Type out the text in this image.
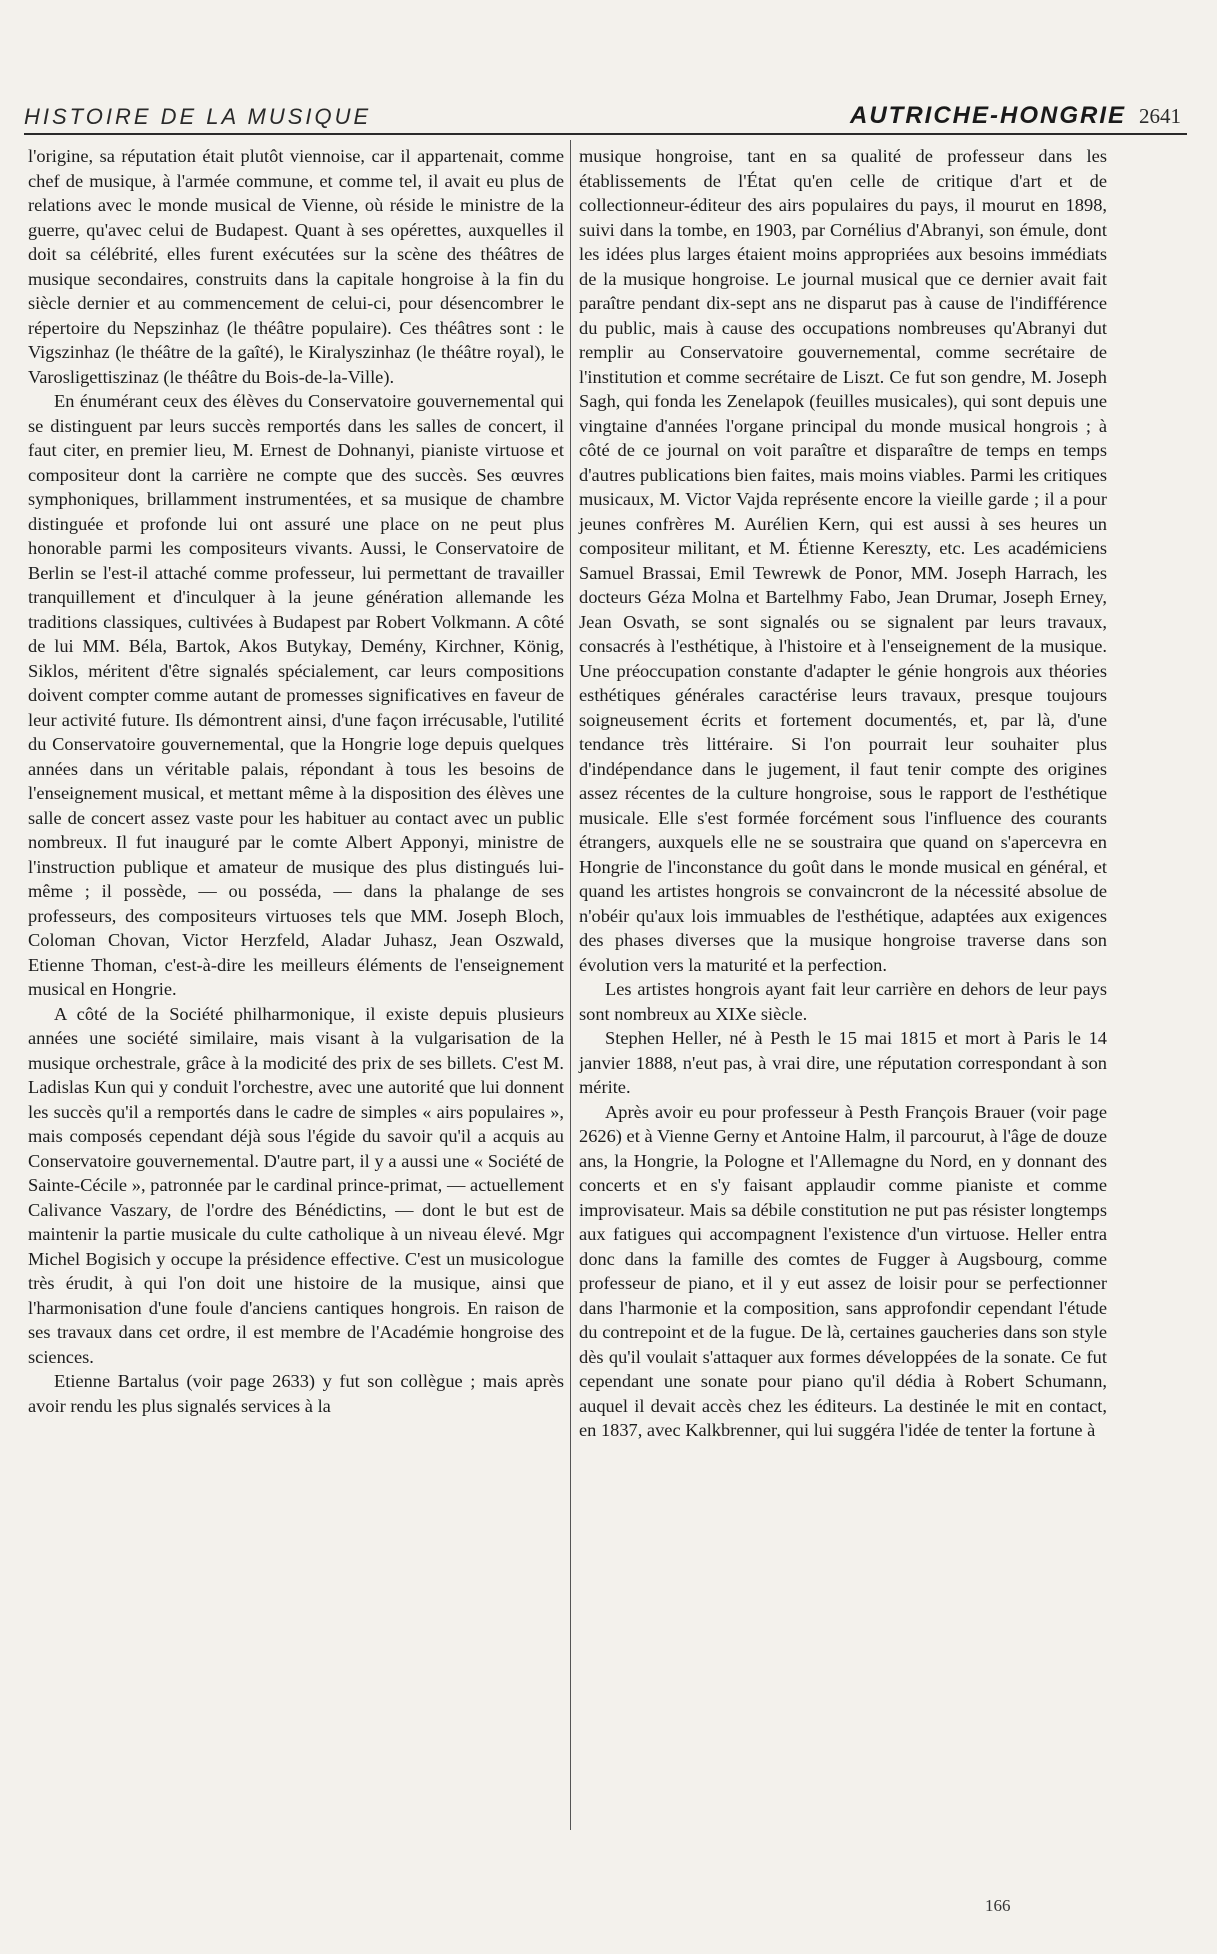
HISTOIRE DE LA MUSIQUE	AUTRICHE-HONGRIE 2641

l'origine, sa réputation était plutôt viennoise, car il appartenait, comme chef de musique, à l'armée commune, et comme tel, il avait eu plus de relations avec le monde musical de Vienne, où réside le ministre de la guerre, qu'avec celui de Budapest. Quant à ses opérettes, auxquelles il doit sa célébrité, elles furent exécutées sur la scène des théâtres de musique secondaires, construits dans la capitale hongroise à la fin du siècle dernier et au commencement de celui-ci, pour désencombrer le répertoire du Nepszinhaz (le théâtre populaire). Ces théâtres sont : le Vigszinhaz (le théâtre de la gaîté), le Kiralyszinhaz (le théâtre royal), le Varosligettiszinaz (le théâtre du Bois-de-la-Ville).

En énumérant ceux des élèves du Conservatoire gouvernemental qui se distinguent par leurs succès remportés dans les salles de concert, il faut citer, en premier lieu, M. Ernest de Dohnanyi, pianiste virtuose et compositeur dont la carrière ne compte que des succès. Ses œuvres symphoniques, brillamment instrumentées, et sa musique de chambre distinguée et profonde lui ont assuré une place on ne peut plus honorable parmi les compositeurs vivants. Aussi, le Conservatoire de Berlin se l'est-il attaché comme professeur, lui permettant de travailler tranquillement et d'inculquer à la jeune génération allemande les traditions classiques, cultivées à Budapest par Robert Volkmann. A côté de lui MM. Béla, Bartok, Akos Butykay, Demény, Kirchner, König, Siklos, méritent d'être signalés spécialement, car leurs compositions doivent compter comme autant de promesses significatives en faveur de leur activité future. Ils démontrent ainsi, d'une façon irrécusable, l'utilité du Conservatoire gouvernemental, que la Hongrie loge depuis quelques années dans un véritable palais, répondant à tous les besoins de l'enseignement musical, et mettant même à la disposition des élèves une salle de concert assez vaste pour les habituer au contact avec un public nombreux. Il fut inauguré par le comte Albert Apponyi, ministre de l'instruction publique et amateur de musique des plus distingués lui-même ; il possède, — ou posséda, — dans la phalange de ses professeurs, des compositeurs virtuoses tels que MM. Joseph Bloch, Coloman Chovan, Victor Herzfeld, Aladar Juhasz, Jean Oszwald, Etienne Thoman, c'est-à-dire les meilleurs éléments de l'enseignement musical en Hongrie.

A côté de la Société philharmonique, il existe depuis plusieurs années une société similaire, mais visant à la vulgarisation de la musique orchestrale, grâce à la modicité des prix de ses billets. C'est M. Ladislas Kun qui y conduit l'orchestre, avec une autorité que lui donnent les succès qu'il a remportés dans le cadre de simples « airs populaires », mais composés cependant déjà sous l'égide du savoir qu'il a acquis au Conservatoire gouvernemental. D'autre part, il y a aussi une « Société de Sainte-Cécile », patronnée par le cardinal prince-primat, — actuellement Calivance Vaszary, de l'ordre des Bénédictins, — dont le but est de maintenir la partie musicale du culte catholique à un niveau élevé. Mgr Michel Bogisich y occupe la présidence effective. C'est un musicologue très érudit, à qui l'on doit une histoire de la musique, ainsi que l'harmonisation d'une foule d'anciens cantiques hongrois. En raison de ses travaux dans cet ordre, il est membre de l'Académie hongroise des sciences.

Etienne Bartalus (voir page 2633) y fut son collègue ; mais après avoir rendu les plus signalés services à la

musique hongroise, tant en sa qualité de professeur dans les établissements de l'État qu'en celle de critique d'art et de collectionneur-éditeur des airs populaires du pays, il mourut en 1898, suivi dans la tombe, en 1903, par Cornélius d'Abranyi, son émule, dont les idées plus larges étaient moins appropriées aux besoins immédiats de la musique hongroise. Le journal musical que ce dernier avait fait paraître pendant dix-sept ans ne disparut pas à cause de l'indifférence du public, mais à cause des occupations nombreuses qu'Abranyi dut remplir au Conservatoire gouvernemental, comme secrétaire de l'institution et comme secrétaire de Liszt. Ce fut son gendre, M. Joseph Sagh, qui fonda les Zenelapok (feuilles musicales), qui sont depuis une vingtaine d'années l'organe principal du monde musical hongrois ; à côté de ce journal on voit paraître et disparaître de temps en temps d'autres publications bien faites, mais moins viables. Parmi les critiques musicaux, M. Victor Vajda représente encore la vieille garde ; il a pour jeunes confrères M. Aurélien Kern, qui est aussi à ses heures un compositeur militant, et M. Étienne Kereszty, etc. Les académiciens Samuel Brassai, Emil Tewrewk de Ponor, MM. Joseph Harrach, les docteurs Géza Molna et Bartelhmy Fabo, Jean Drumar, Joseph Erney, Jean Osvath, se sont signalés ou se signalent par leurs travaux, consacrés à l'esthétique, à l'histoire et à l'enseignement de la musique. Une préoccupation constante d'adapter le génie hongrois aux théories esthétiques générales caractérise leurs travaux, presque toujours soigneusement écrits et fortement documentés, et, par là, d'une tendance très littéraire. Si l'on pourrait leur souhaiter plus d'indépendance dans le jugement, il faut tenir compte des origines assez récentes de la culture hongroise, sous le rapport de l'esthétique musicale. Elle s'est formée forcément sous l'influence des courants étrangers, auxquels elle ne se soustraira que quand on s'apercevra en Hongrie de l'inconstance du goût dans le monde musical en général, et quand les artistes hongrois se convaincront de la nécessité absolue de n'obéir qu'aux lois immuables de l'esthétique, adaptées aux exigences des phases diverses que la musique hongroise traverse dans son évolution vers la maturité et la perfection.

Les artistes hongrois ayant fait leur carrière en dehors de leur pays sont nombreux au XIXe siècle.

Stephen Heller, né à Pesth le 15 mai 1815 et mort à Paris le 14 janvier 1888, n'eut pas, à vrai dire, une réputation correspondant à son mérite.

Après avoir eu pour professeur à Pesth François Brauer (voir page 2626) et à Vienne Gerny et Antoine Halm, il parcourut, à l'âge de douze ans, la Hongrie, la Pologne et l'Allemagne du Nord, en y donnant des concerts et en s'y faisant applaudir comme pianiste et comme improvisateur. Mais sa débile constitution ne put pas résister longtemps aux fatigues qui accompagnent l'existence d'un virtuose. Heller entra donc dans la famille des comtes de Fugger à Augsbourg, comme professeur de piano, et il y eut assez de loisir pour se perfectionner dans l'harmonie et la composition, sans approfondir cependant l'étude du contrepoint et de la fugue. De là, certaines gaucheries dans son style dès qu'il voulait s'attaquer aux formes développées de la sonate. Ce fut cependant une sonate pour piano qu'il dédia à Robert Schumann, auquel il devait accès chez les éditeurs. La destinée le mit en contact, en 1837, avec Kalkbrenner, qui lui suggéra l'idée de tenter la fortune à

166
